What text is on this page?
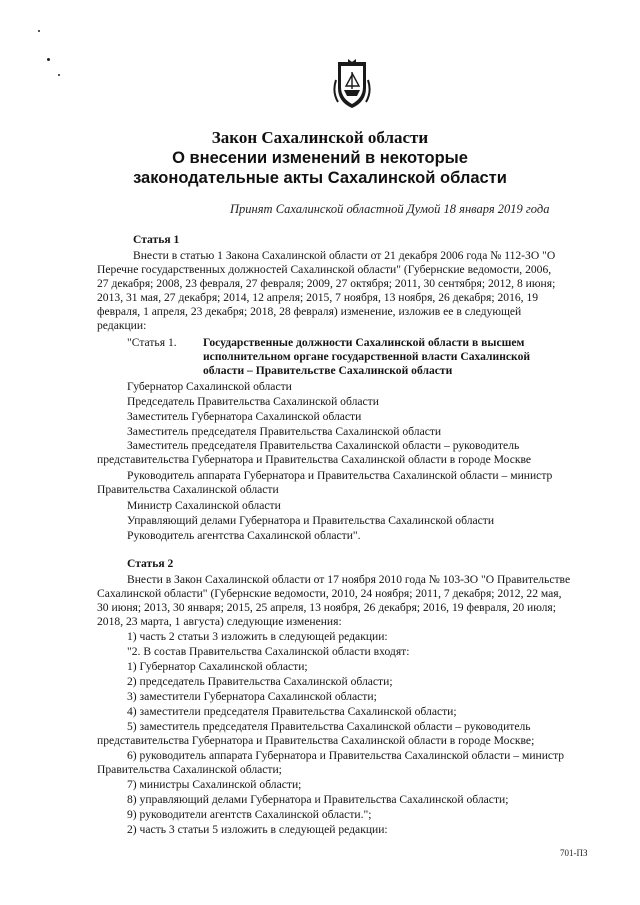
Закон Сахалинской области
О внесении изменений в некоторые
законодательные акты Сахалинской области
Принят Сахалинской областной Думой 18 января 2019 года
Статья 1
Внести в статью 1 Закона Сахалинской области от 21 декабря 2006 года № 112-ЗО "О
Перечне государственных должностей Сахалинской области" (Губернские ведомости, 2006,
27 декабря; 2008, 23 февраля, 27 февраля; 2009, 27 октября; 2011, 30 сентября; 2012, 8 июня;
2013, 31 мая, 27 декабря; 2014, 12 апреля; 2015, 7 ноября, 13 ноября, 26 декабря; 2016, 19
февраля, 1 апреля, 23 декабря; 2018, 28 февраля) изменение, изложив ее в следующей
редакции:
"Статья 1. Государственные должности Сахалинской области в высшем
исполнительном органе государственной власти Сахалинской
области – Правительстве Сахалинской области
Губернатор Сахалинской области
Председатель Правительства Сахалинской области
Заместитель Губернатора Сахалинской области
Заместитель председателя Правительства Сахалинской области
Заместитель председателя Правительства Сахалинской области – руководитель
представительства Губернатора и Правительства Сахалинской области в городе Москве
Руководитель аппарата Губернатора и Правительства Сахалинской области – министр
Правительства Сахалинской области
Министр Сахалинской области
Управляющий делами Губернатора и Правительства Сахалинской области
Руководитель агентства Сахалинской области".
Статья 2
Внести в Закон Сахалинской области от 17 ноября 2010 года № 103-ЗО "О Правительстве
Сахалинской области" (Губернские ведомости, 2010, 24 ноября; 2011, 7 декабря; 2012, 22 мая,
30 июня; 2013, 30 января; 2015, 25 апреля, 13 ноября, 26 декабря; 2016, 19 февраля, 20 июля;
2018, 23 марта, 1 августа) следующие изменения:
1) часть 2 статьи 3 изложить в следующей редакции:
"2. В состав Правительства Сахалинской области входят:
1) Губернатор Сахалинской области;
2) председатель Правительства Сахалинской области;
3) заместители Губернатора Сахалинской области;
4) заместители председателя Правительства Сахалинской области;
5) заместитель председателя Правительства Сахалинской области – руководитель
представительства Губернатора и Правительства Сахалинской области в городе Москве;
6) руководитель аппарата Губернатора и Правительства Сахалинской области – министр
Правительства Сахалинской области;
7) министры Сахалинской области;
8) управляющий делами Губернатора и Правительства Сахалинской области;
9) руководители агентств Сахалинской области.";
2) часть 3 статьи 5 изложить в следующей редакции:
701-ПЗ
